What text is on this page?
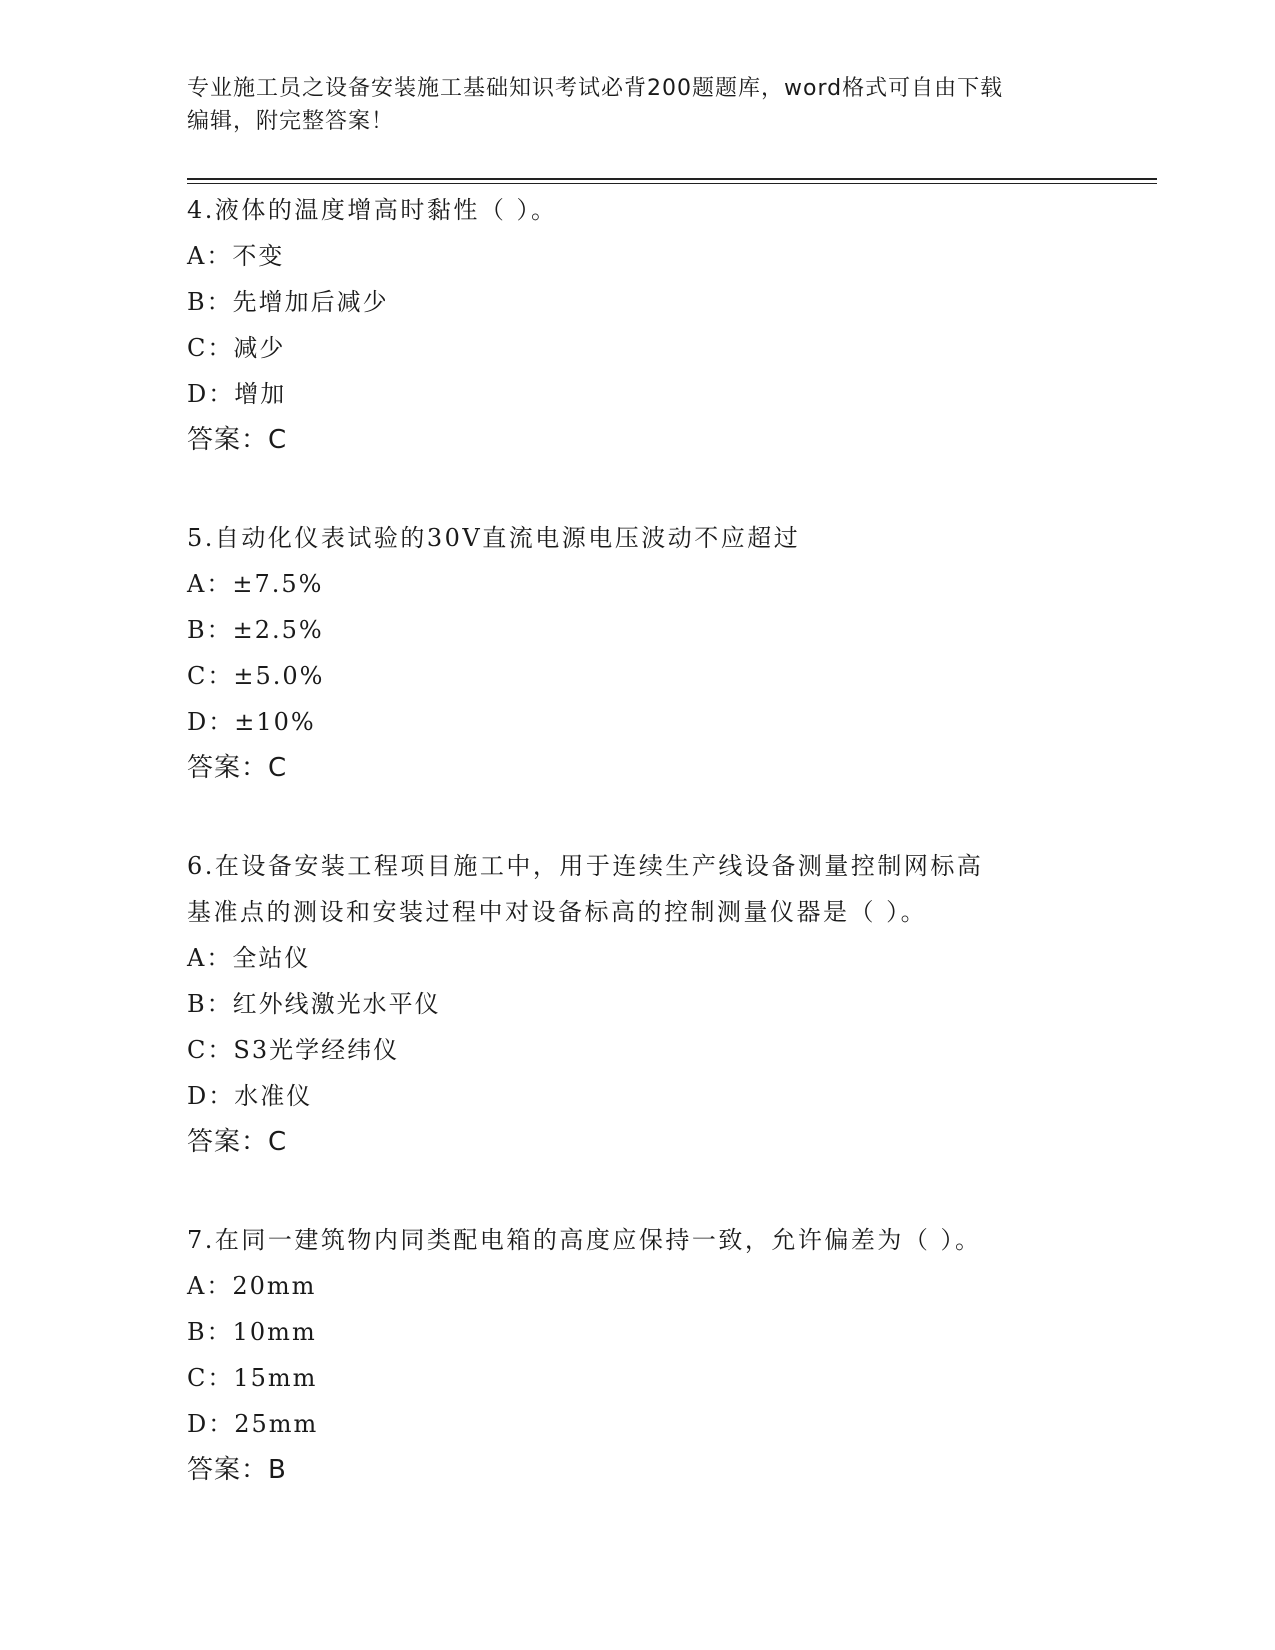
专业施工员之设备安装施工基础知识考试必背200题题库，word格式可自由下载
编辑，附完整答案！
4.液体的温度增高时黏性（ ）。
A： 不变
B： 先增加后减少
C： 减少
D： 增加
答案：C
5.自动化仪表试验的30V直流电源电压波动不应超过
A： ±7.5%
B： ±2.5%
C： ±5.0%
D： ±10%
答案：C
6.在设备安装工程项目施工中，用于连续生产线设备测量控制网标高
基准点的测设和安装过程中对设备标高的控制测量仪器是（ ）。
A： 全站仪
B： 红外线激光水平仪
C： S3光学经纬仪
D： 水准仪
答案：C
7.在同一建筑物内同类配电箱的高度应保持一致，允许偏差为（ ）。
A： 20mm
B： 10mm
C： 15mm
D： 25mm
答案：B
